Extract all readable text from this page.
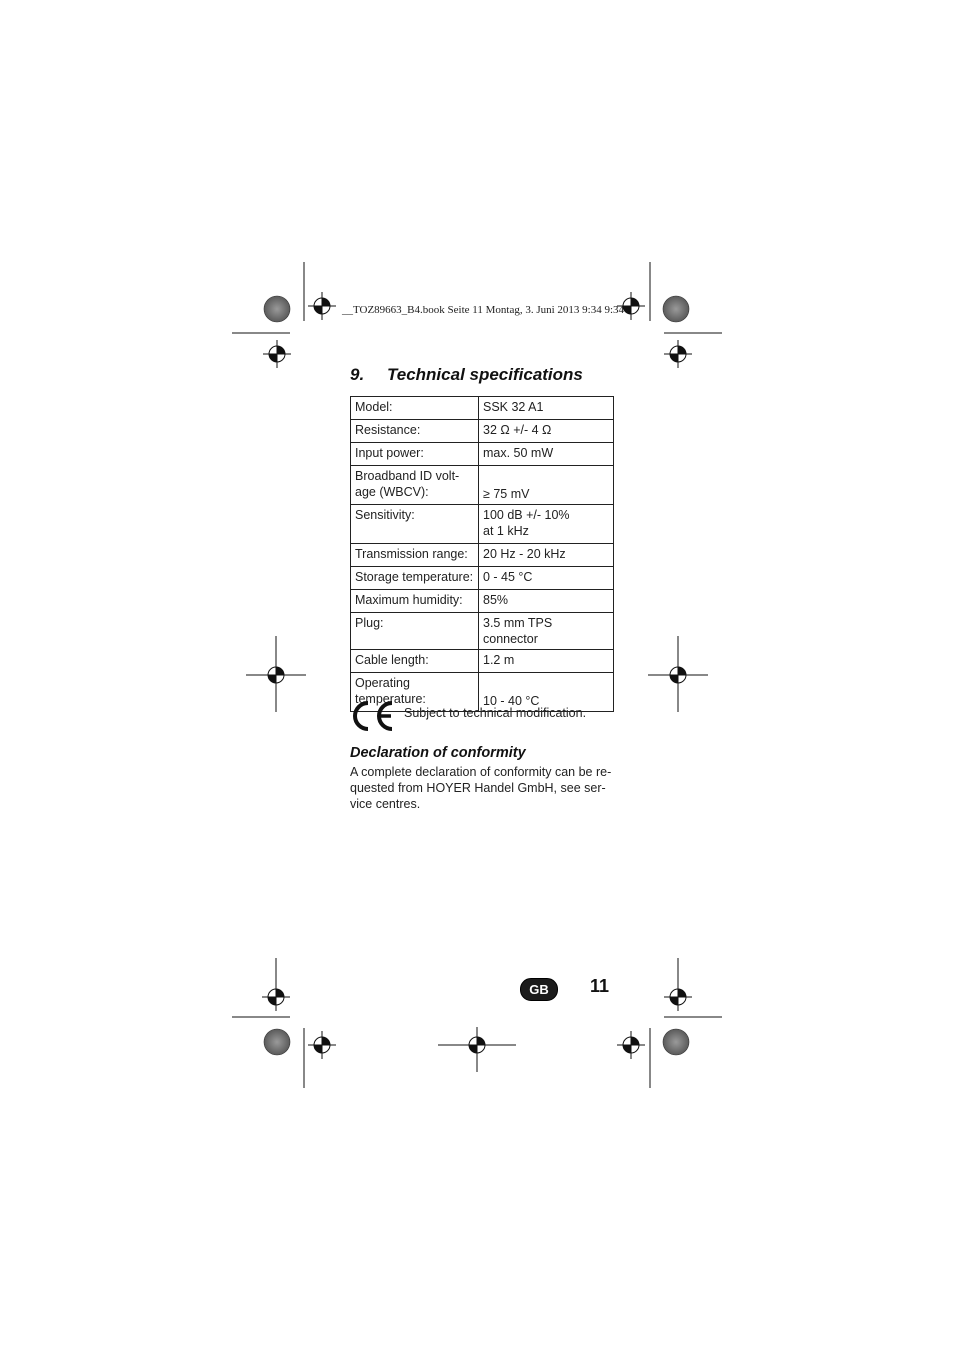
__TOZ89663_B4.book Seite 11 Montag, 3. Juni 2013 9:34 9:34
9. Technical specifications
Model:	SSK 32 A1
Resistance:	32 Ω +/- 4 Ω
Input power:	max. 50 mW
Broadband ID volt-
age (WBCV):	≥ 75 mV
Sensitivity:	100 dB +/- 10%
at 1 kHz
Transmission range:	20 Hz - 20 kHz
Storage temperature:	0 - 45 °C
Maximum humidity:	85%
Plug:	3.5 mm TPS connector
Cable length:	1.2 m
Operating
temperature:	10 - 40 °C
Subject to technical modification.
Declaration of conformity
A complete declaration of conformity can be re-
quested from HOYER Handel GmbH, see ser-
vice centres.
GB	11
